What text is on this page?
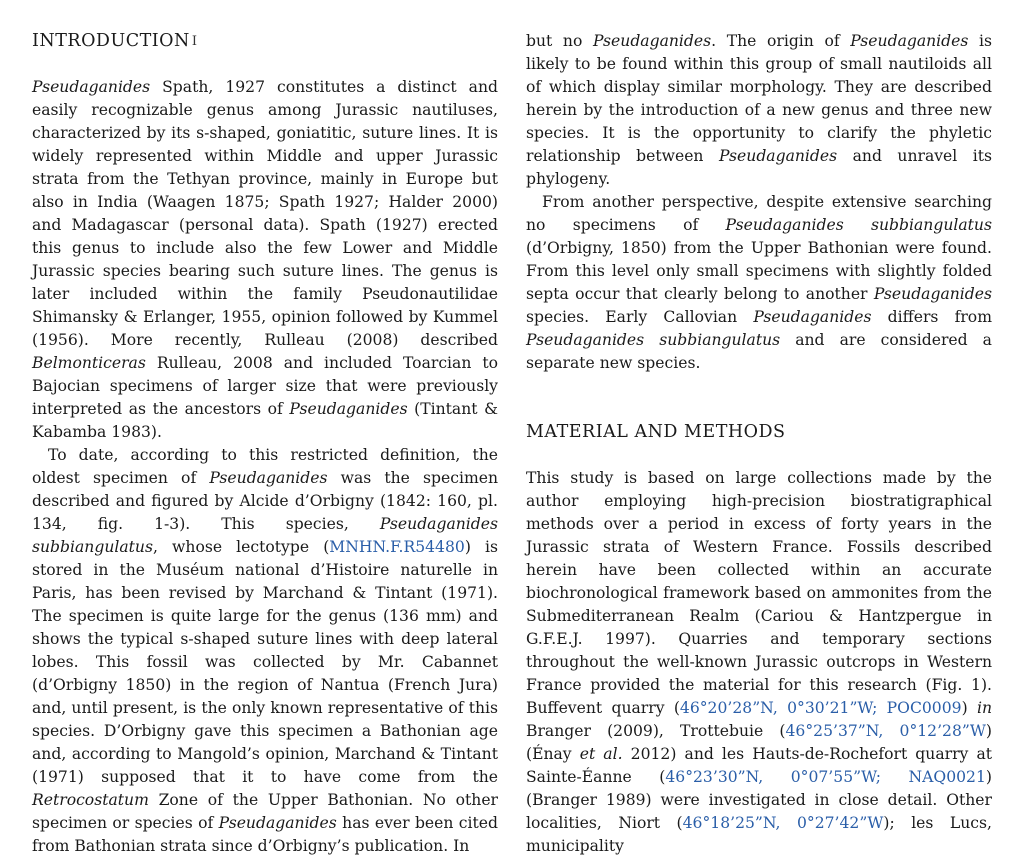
INTRODUCTION $^I$

Pseudaganides Spath, 1927 constitutes a distinct and easily recognizable genus among Jurassic nautiluses, characterized by its s-shaped, goniatitic, suture lines. It is widely represented within Middle and upper Jurassic strata from the Tethyan province, mainly in Europe but also in India (Waagen 1875; Spath 1927; Halder 2000) and Madagascar (personal data). Spath (1927) erected this genus to include also the few Lower and Middle Jurassic species bearing such suture lines. The genus is later included within the family Pseudonautilidae Shimansky & Erlanger, 1955, opinion followed by Kummel (1956). More recently, Rulleau (2008) described Belmonticeras Rulleau, 2008 and included Toarcian to Bajocian specimens of larger size that were previously interpreted as the ancestors of Pseudaganides (Tintant & Kabamba 1983).

To date, according to this restricted definition, the oldest specimen of Pseudaganides was the specimen described and figured by Alcide d’Orbigny (1842: 160, pl. 134, fig. 1-3). This species, Pseudaganides subbiangulatus, whose lectotype (MNHN.F.R54480) is stored in the Muséum national d’Histoire naturelle in Paris, has been revised by Marchand & Tintant (1971). The specimen is quite large for the genus (136 mm) and shows the typical s-shaped suture lines with deep lateral lobes. This fossil was collected by Mr. Cabannet (d’Orbigny 1850) in the region of Nantua (French Jura) and, until present, is the only known representative of this species. D’Orbigny gave this specimen a Bathonian age and, according to Mangold’s opinion, Marchand & Tintant (1971) supposed that it to have come from the Retrocostatum Zone of the Upper Bathonian. No other specimen or species of Pseudaganides has ever been cited from Bathonian strata since d’Orbigny’s publication. In

but no Pseudaganides. The origin of Pseudaganides is likely to be found within this group of small nautiloids all of which display similar morphology. They are described herein by the introduction of a new genus and three new species. It is the opportunity to clarify the phyletic relationship between Pseudaganides and unravel its phylogeny.

From another perspective, despite extensive searching no specimens of Pseudaganides subbiangulatus (d’Orbigny, 1850) from the Upper Bathonian were found. From this level only small specimens with slightly folded septa occur that clearly belong to another Pseudaganides species. Early Callovian Pseudaganides differs from Pseudaganides subbiangulatus and are considered a separate new species.

MATERIAL AND METHODS

This study is based on large collections made by the author employing high-precision biostratigraphical methods over a period in excess of forty years in the Jurassic strata of Western France. Fossils described herein have been collected within an accurate biochronological framework based on ammonites from the Submediterranean Realm (Cariou & Hantzpergue in G.F.E.J. 1997). Quarries and temporary sections throughout the well-known Jurassic outcrops in Western France provided the material for this research (Fig. 1). Buffevent quarry (46°20’28”N, 0°30’21”W; POC0009) in Branger (2009), Trottebuie (46°25’37”N, 0°12’28”W) (Énay et al. 2012) and les Hauts-de-Rochefort quarry at Sainte-Éanne (46°23’30”N, 0°07’55”W; NAQ0021) (Branger 1989) were investigated in close detail. Other localities, Niort (46°18’25”N, 0°27’42”W); les Lucs, municipality
